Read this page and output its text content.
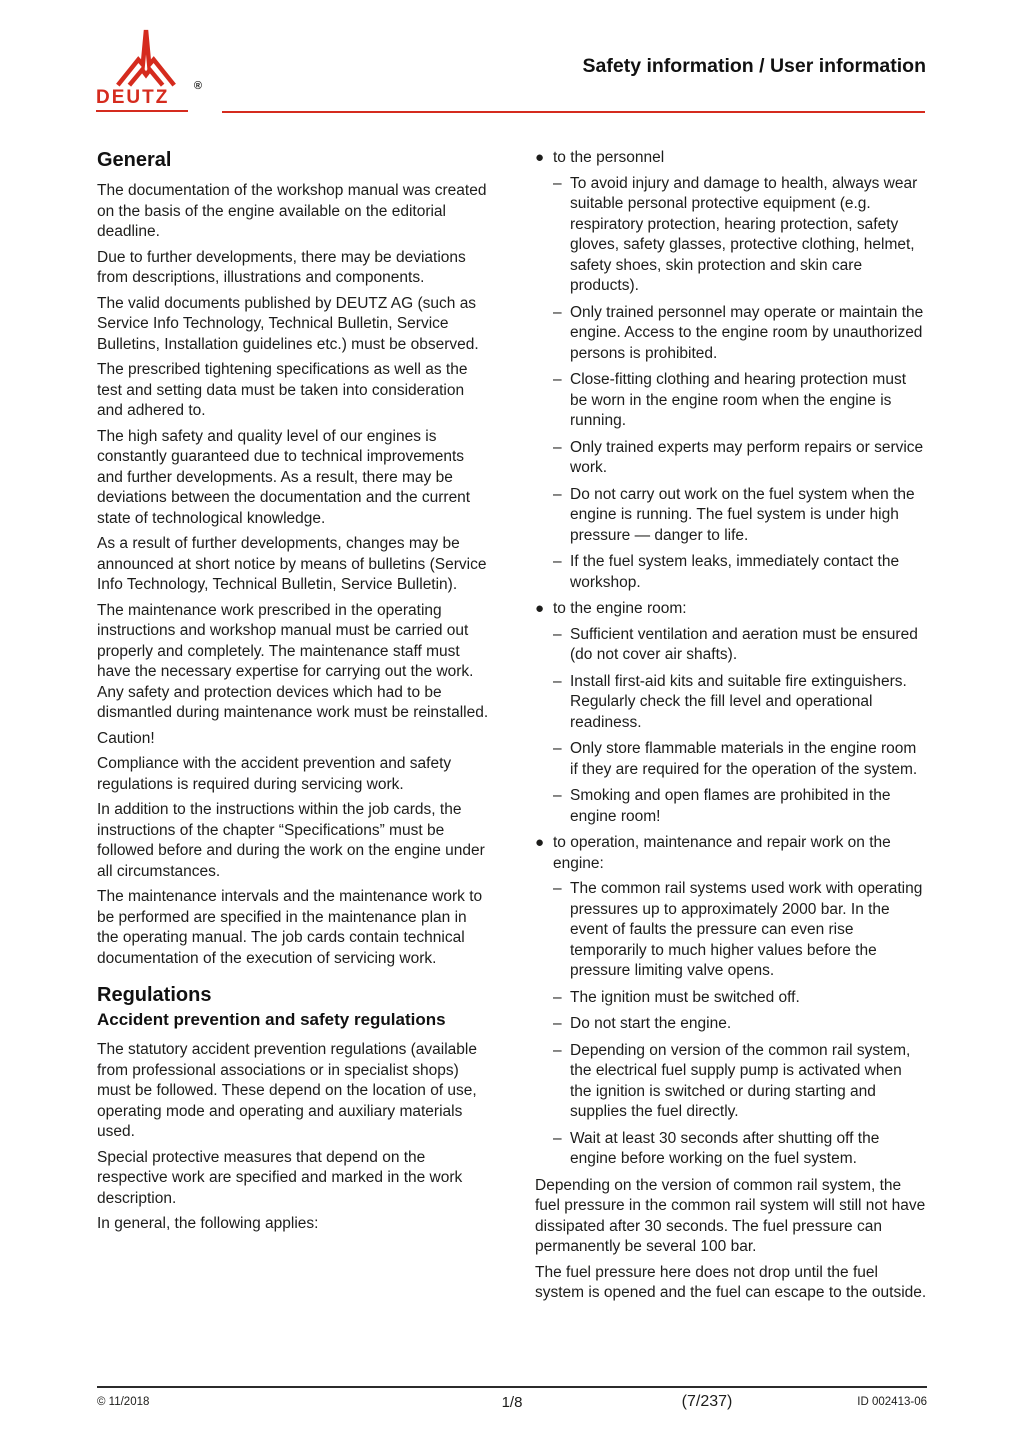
®
DEUTZ
Safety information / User information
General

The documentation of the workshop manual was created on the basis of the engine available on the editorial deadline.

Due to further developments, there may be deviations from descriptions, illustrations and components.

The valid documents published by DEUTZ AG (such as Service Info Technology, Technical Bulletin, Service Bulletins, Installation guidelines etc.) must be observed.

The prescribed tightening specifications as well as the test and setting data must be taken into consideration and adhered to.

The high safety and quality level of our engines is constantly guaranteed due to technical improvements and further developments. As a result, there may be deviations between the documentation and the current state of technological knowledge.

As a result of further developments, changes may be announced at short notice by means of bulletins (Service Info Technology, Technical Bulletin, Service Bulletin).

The maintenance work prescribed in the operating instructions and workshop manual must be carried out properly and completely. The maintenance staff must have the necessary expertise for carrying out the work. Any safety and protection devices which had to be dismantled during maintenance work must be reinstalled.

Caution!

Compliance with the accident prevention and safety regulations is required during servicing work.

In addition to the instructions within the job cards, the instructions of the chapter “Specifications” must be followed before and during the work on the engine under all circumstances.

The maintenance intervals and the maintenance work to be performed are specified in the maintenance plan in the operating manual. The job cards contain technical documentation of the execution of servicing work.

Regulations
Accident prevention and safety regulations

The statutory accident prevention regulations (available from professional associations or in specialist shops) must be followed. These depend on the location of use, operating mode and operating and auxiliary materials used.

Special protective measures that depend on the respective work are specified and marked in the work description.

In general, the following applies:

● to the personnel
– To avoid injury and damage to health, always wear suitable personal protective equipment (e.g. respiratory protection, hearing protection, safety gloves, safety glasses, protective clothing, helmet, safety shoes, skin protection and skin care products).
– Only trained personnel may operate or maintain the engine. Access to the engine room by unauthorized persons is prohibited.
– Close-fitting clothing and hearing protection must be worn in the engine room when the engine is running.
– Only trained experts may perform repairs or service work.
– Do not carry out work on the fuel system when the engine is running. The fuel system is under high pressure — danger to life.
– If the fuel system leaks, immediately contact the workshop.
● to the engine room:
– Sufficient ventilation and aeration must be ensured (do not cover air shafts).
– Install first-aid kits and suitable fire extinguishers. Regularly check the fill level and operational readiness.
– Only store flammable materials in the engine room if they are required for the operation of the system.
– Smoking and open flames are prohibited in the engine room!
● to operation, maintenance and repair work on the engine:
– The common rail systems used work with operating pressures up to approximately 2000 bar. In the event of faults the pressure can even rise temporarily to much higher values before the pressure limiting valve opens.
– The ignition must be switched off.
– Do not start the engine.
– Depending on version of the common rail system, the electrical fuel supply pump is activated when the ignition is switched or during starting and supplies the fuel directly.
– Wait at least 30 seconds after shutting off the engine before working on the fuel system.

Depending on the version of common rail system, the fuel pressure in the common rail system will still not have dissipated after 30 seconds. The fuel pressure can permanently be several 100 bar.

The fuel pressure here does not drop until the fuel system is opened and the fuel can escape to the outside.

© 11/2018	1/8	(7/237)	ID 002413-06
